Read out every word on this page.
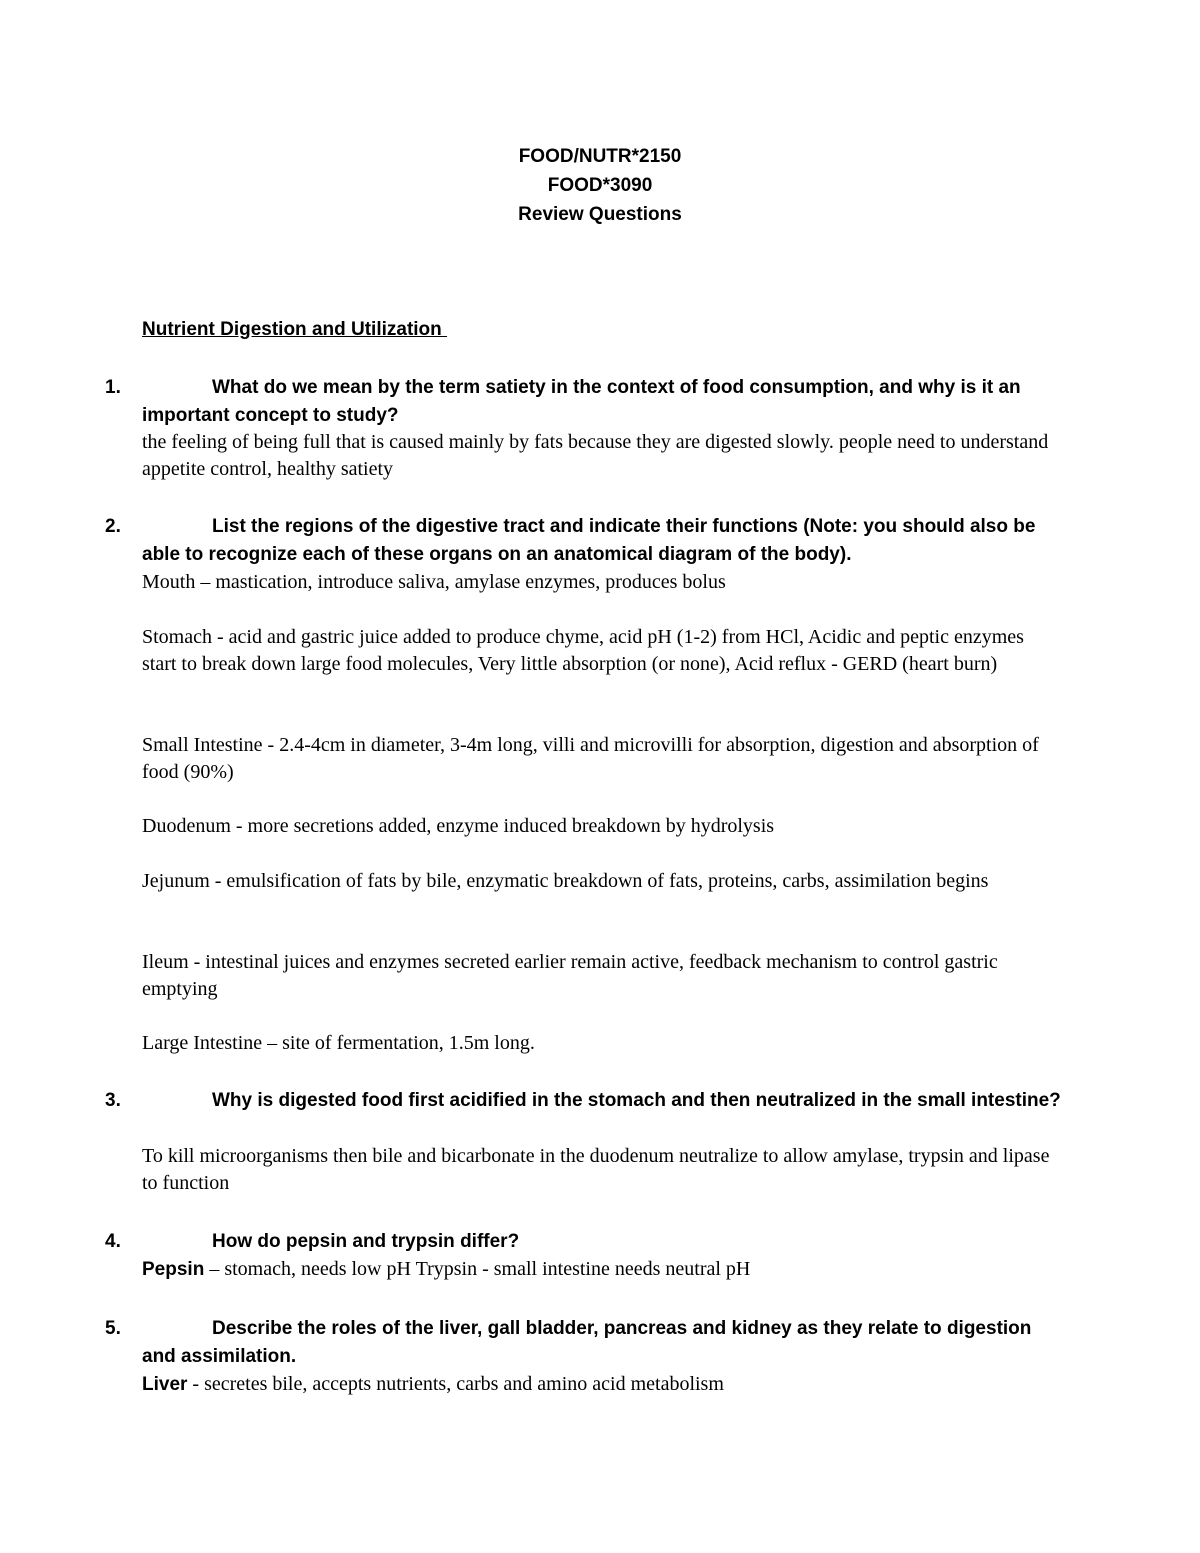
FOOD/NUTR*2150
FOOD*3090
Review Questions
Nutrient Digestion and Utilization
1.	What do we mean by the term satiety in the context of food consumption, and why is it an important concept to study?
the feeling of being full that is caused mainly by fats because they are digested slowly. people need to understand appetite control, healthy satiety
2.	List the regions of the digestive tract and indicate their functions (Note: you should also be able to recognize each of these organs on an anatomical diagram of the body).
Mouth – mastication, introduce saliva, amylase enzymes, produces bolus
Stomach - acid and gastric juice added to produce chyme, acid pH (1-2) from HCl, Acidic and peptic enzymes start to break down large food molecules, Very little absorption (or none), Acid reflux - GERD (heart burn)
Small Intestine - 2.4-4cm in diameter, 3-4m long, villi and microvilli for absorption, digestion and absorption of food (90%)
Duodenum - more secretions added, enzyme induced breakdown by hydrolysis
Jejunum - emulsification of fats by bile, enzymatic breakdown of fats, proteins, carbs, assimilation begins
Ileum - intestinal juices and enzymes secreted earlier remain active, feedback mechanism to control gastric emptying
Large Intestine – site of fermentation, 1.5m long.
3.	Why is digested food first acidified in the stomach and then neutralized in the small intestine?
To kill microorganisms then bile and bicarbonate in the duodenum neutralize to allow amylase, trypsin and lipase to function
4.	How do pepsin and trypsin differ?
Pepsin – stomach, needs low pH Trypsin - small intestine needs neutral pH
5.	Describe the roles of the liver, gall bladder, pancreas and kidney as they relate to digestion and assimilation.
Liver - secretes bile, accepts nutrients, carbs and amino acid metabolism
